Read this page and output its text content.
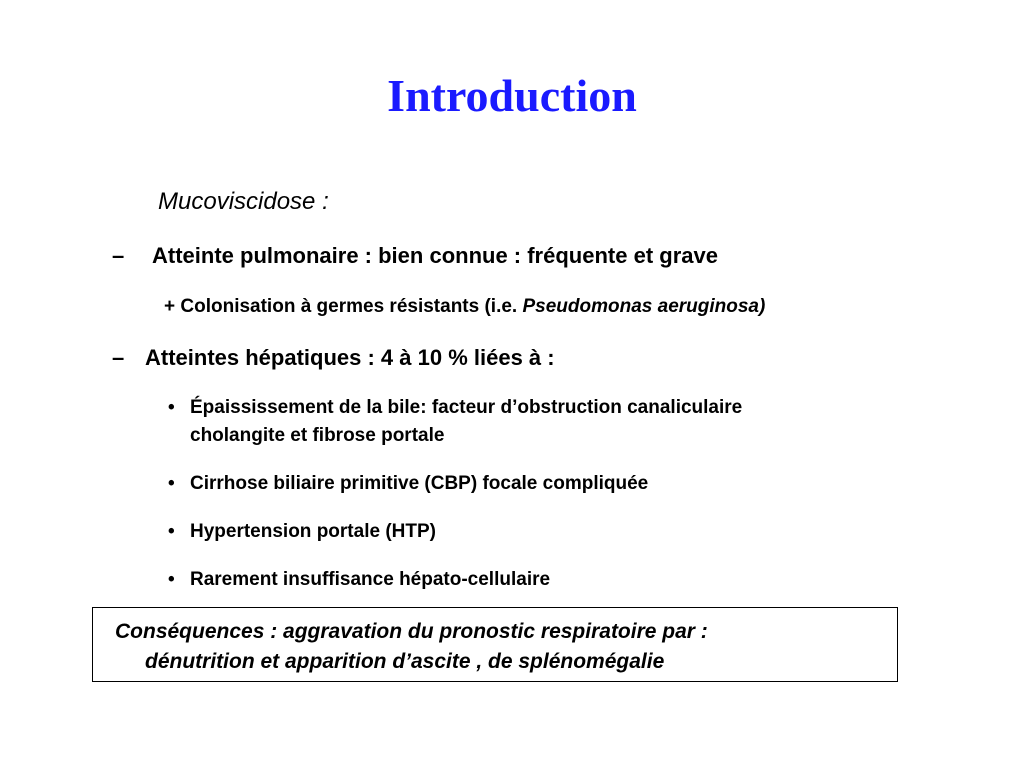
Introduction
Mucoviscidose :
– Atteinte pulmonaire : bien connue : fréquente et grave
+ Colonisation à germes résistants (i.e. Pseudomonas aeruginosa)
– Atteintes hépatiques : 4 à 10 % liées à :
• Épaississement de la bile: facteur d’obstruction canaliculaire
cholangite et fibrose portale
• Cirrhose biliaire primitive (CBP) focale compliquée
• Hypertension portale (HTP)
• Rarement insuffisance hépato-cellulaire
Conséquences : aggravation du pronostic respiratoire par :
dénutrition et apparition d’ascite , de splénomégalie
